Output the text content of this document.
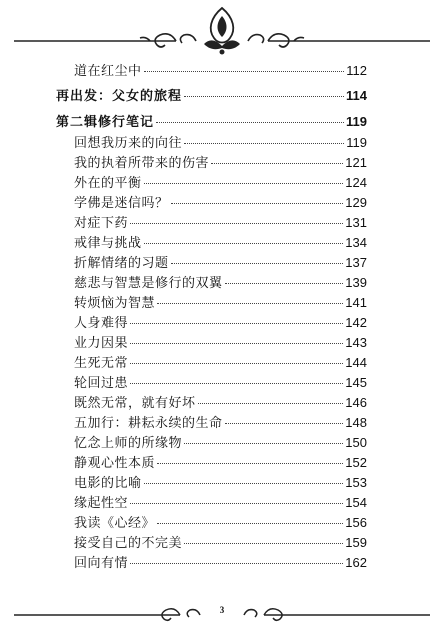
道在红尘中	112
再出发：父女的旅程	114
第二辑修行笔记	119
回想我历来的向往	119
我的执着所带来的伤害	121
外在的平衡	124
学佛是迷信吗？	129
对症下药	131
戒律与挑战	134
折解情绪的习题	137
慈悲与智慧是修行的双翼	139
转烦恼为智慧	141
人身难得	142
业力因果	143
生死无常	144
轮回过患	145
既然无常，就有好坏	146
五加行：耕耘永续的生命	148
忆念上师的所缘物	150
静观心性本质	152
电影的比喻	153
缘起性空	154
我读《心经》	156
接受自己的不完美	159
回向有情	162
3
